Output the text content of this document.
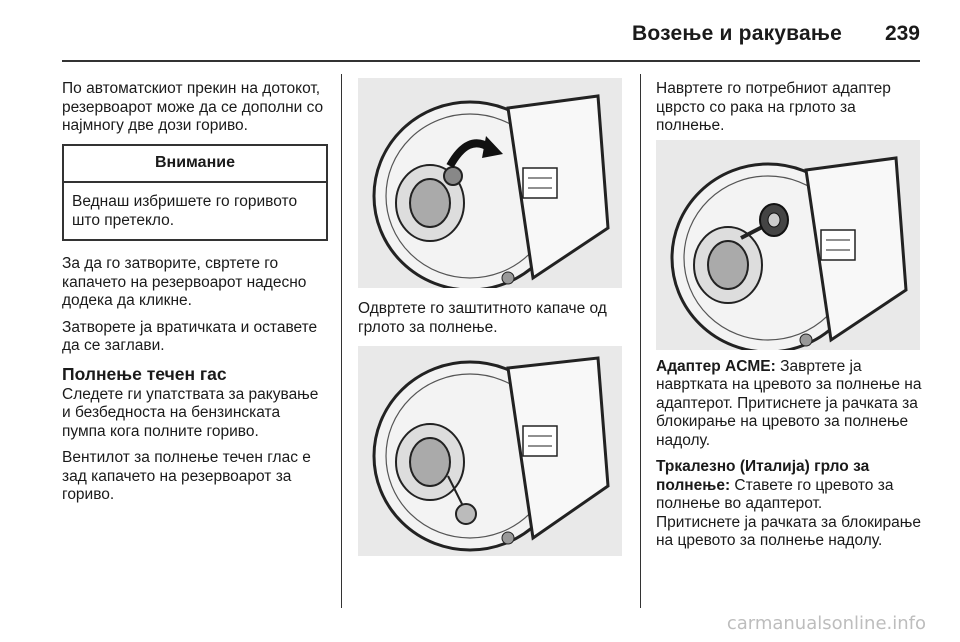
Возење и ракување 239

По автоматскиот прекин на дотокот, резервоарот може да се дополни со најмногу две дози гориво.

Внимание
Веднаш избришете го горивото што претекло.

За да го затворите, свртете го капачето на резервоарот надесно додека да кликне.

Затворете ја вратичката и оставете да се заглави.

Полнење течен гас

Следете ги упатствата за ракување и безбедноста на бензинската пумпа кога полните гориво.

Вентилот за полнење течен глас е зад капачето на резервоарот за гориво.

Одвртете го заштитното капаче од грлото за полнење.

Навртете го потребниот адаптер цврсто со рака на грлото за полнење.

Адаптер ACME: Завртете ја навртката на цревото за полнење на адаптерот. Притиснете ја рачката за блокирање на цревото за полнење надолу.

Тркалезно (Италија) грло за полнење: Ставете го цревото за полнење во адаптерот.

Притиснете ја рачката за блокирање на цревото за полнење надолу.

carmanualsonline.info
